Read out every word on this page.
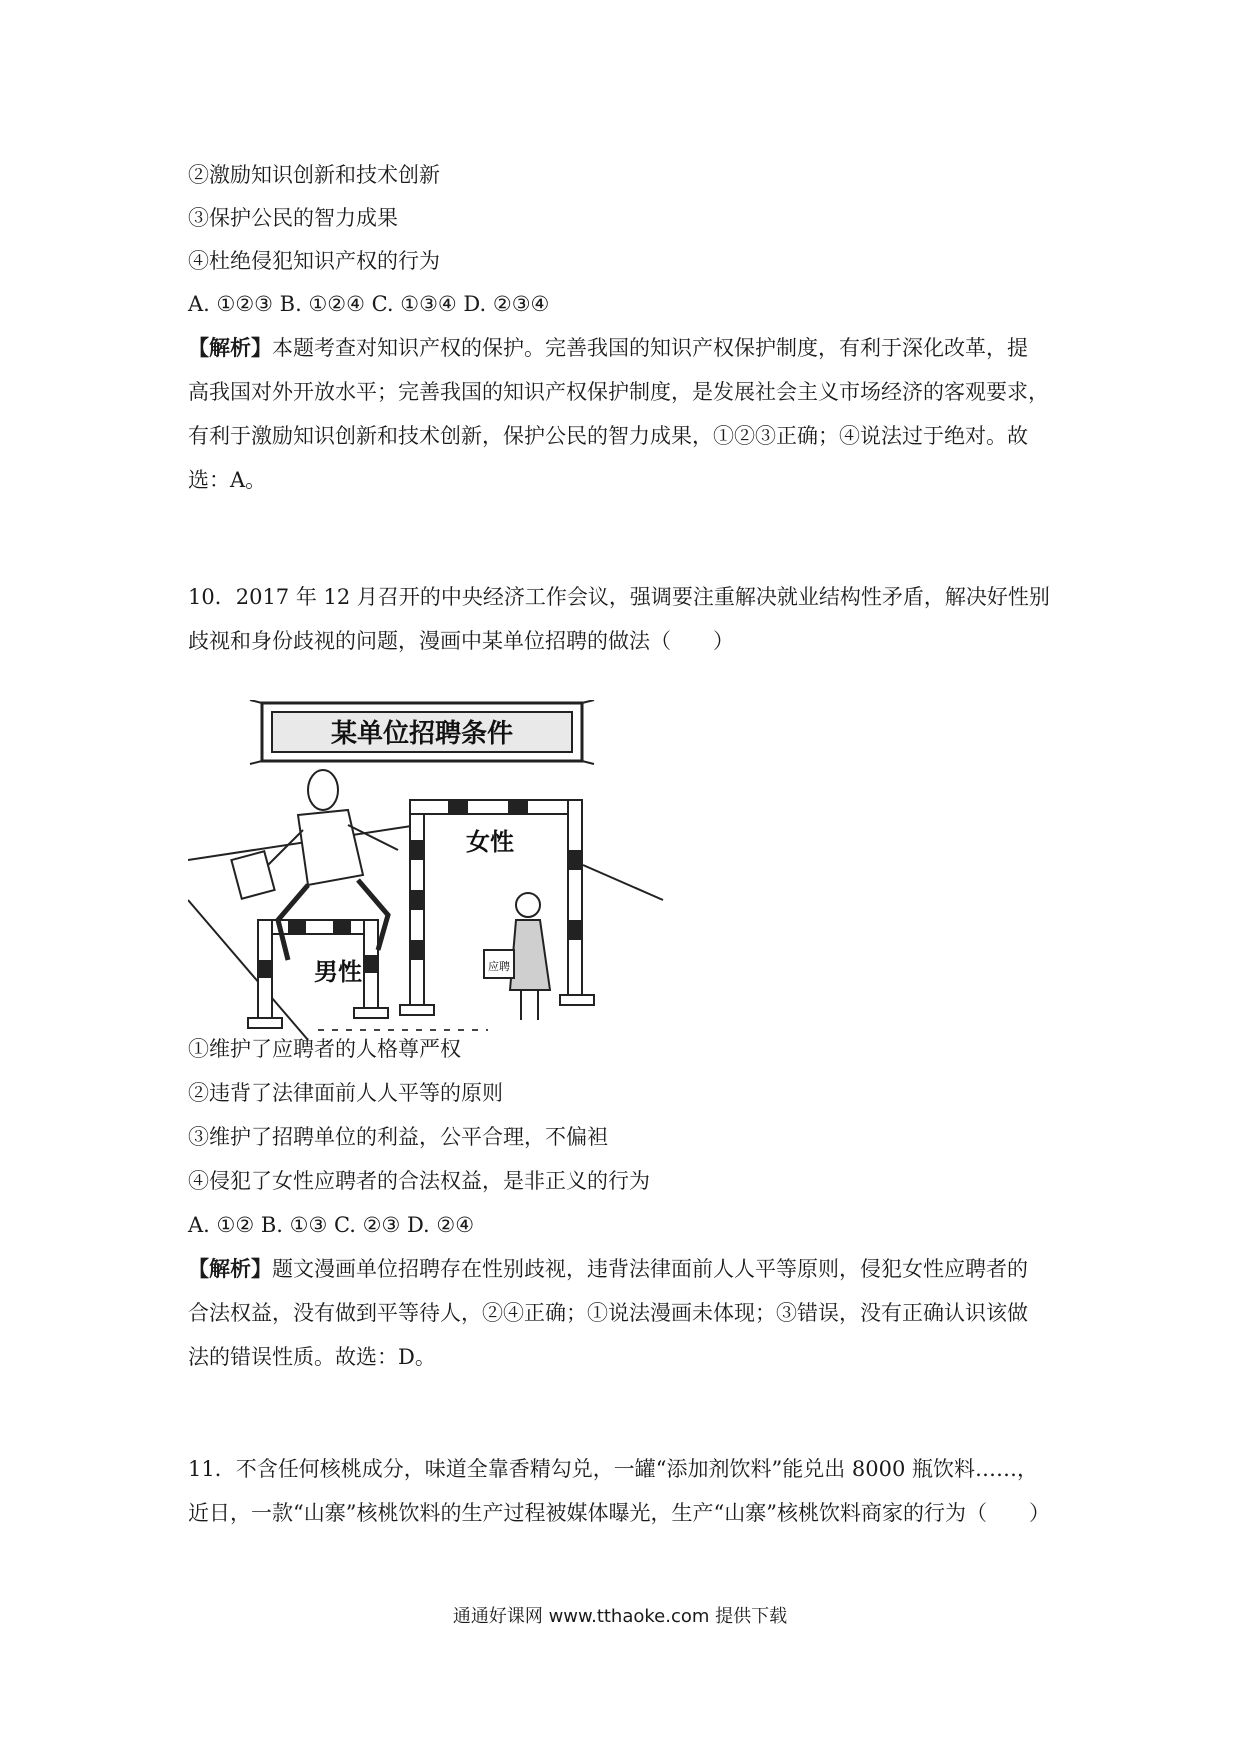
②激励知识创新和技术创新
③保护公民的智力成果
④杜绝侵犯知识产权的行为
A. ①②③ B. ①②④ C. ①③④ D. ②③④
【解析】本题考查对知识产权的保护。完善我国的知识产权保护制度，有利于深化改革，提
高我国对外开放水平；完善我国的知识产权保护制度，是发展社会主义市场经济的客观要求，
有利于激励知识创新和技术创新，保护公民的智力成果，①②③正确；④说法过于绝对。故
选：A。
10．2017 年 12 月召开的中央经济工作会议，强调要注重解决就业结构性矛盾，解决好性别
歧视和身份歧视的问题，漫画中某单位招聘的做法（　　）
某单位招聘条件
女性
应聘
男性
①维护了应聘者的人格尊严权
②违背了法律面前人人平等的原则
③维护了招聘单位的利益，公平合理，不偏袒
④侵犯了女性应聘者的合法权益，是非正义的行为
A. ①② B. ①③ C. ②③ D. ②④
【解析】题文漫画单位招聘存在性别歧视，违背法律面前人人平等原则，侵犯女性应聘者的
合法权益，没有做到平等待人，②④正确；①说法漫画未体现；③错误，没有正确认识该做
法的错误性质。故选：D。
11．不含任何核桃成分，味道全靠香精勾兑，一罐“添加剂饮料”能兑出 8000 瓶饮料……，
近日，一款“山寨”核桃饮料的生产过程被媒体曝光，生产“山寨”核桃饮料商家的行为（　　）
通通好课网 www.tthaoke.com 提供下载
